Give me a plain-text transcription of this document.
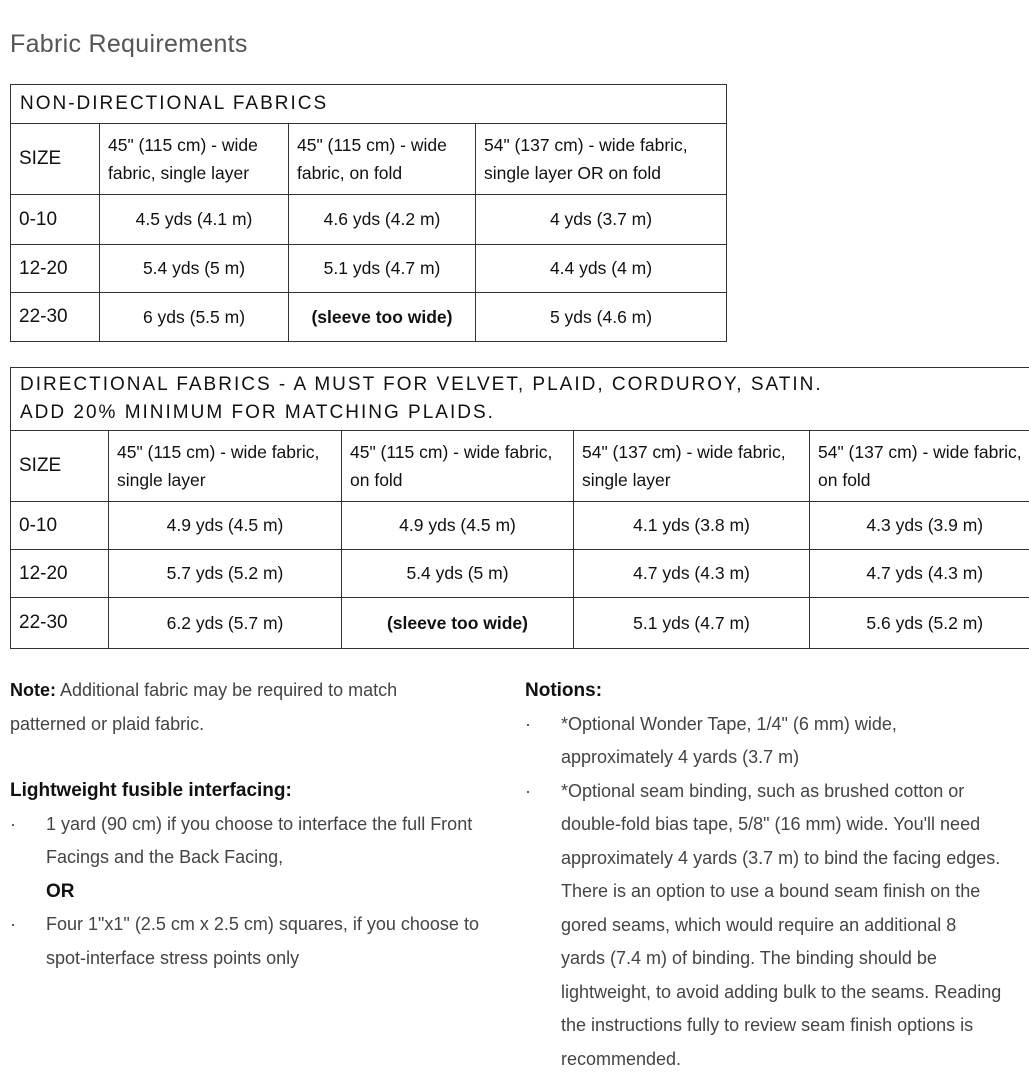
Fabric Requirements
NON-DIRECTIONAL FABRICS			
SIZE	45" (115 cm) - wide fabric, single layer	45" (115 cm) - wide fabric, on fold	54" (137 cm) - wide fabric, single layer OR on fold
0-10	4.5 yds (4.1 m)	4.6 yds (4.2 m)	4 yds (3.7 m)
12-20	5.4 yds (5 m)	5.1 yds (4.7 m)	4.4 yds (4 m)
22-30	6 yds (5.5 m)	(sleeve too wide)	5 yds (4.6 m)
DIRECTIONAL FABRICS - A MUST FOR VELVET, PLAID, CORDUROY, SATIN.
ADD 20% MINIMUM FOR MATCHING PLAIDS.				

SIZE	45" (115 cm) - wide fabric, single layer	45" (115 cm) - wide fabric, on fold	54" (137 cm) - wide fabric, single layer	54" (137 cm) - wide fabric, on fold
0-10	4.9 yds (4.5 m)	4.9 yds (4.5 m)	4.1 yds (3.8 m)	4.3 yds (3.9 m)
12-20	5.7 yds (5.2 m)	5.4 yds (5 m)	4.7 yds (4.3 m)	4.7 yds (4.3 m)
22-30	6.2 yds (5.7 m)	(sleeve too wide)	5.1 yds (4.7 m)	5.6 yds (5.2 m)
Note: Additional fabric may be required to match patterned or plaid fabric.
Lightweight fusible interfacing:
· 1 yard (90 cm) if you choose to interface the full Front Facings and the Back Facing,
OR
· Four 1"x1" (2.5 cm x 2.5 cm) squares, if you choose to spot-interface stress points only
Notions:
· *Optional Wonder Tape, 1/4" (6 mm) wide, approximately 4 yards (3.7 m)
· *Optional seam binding, such as brushed cotton or double-fold bias tape, 5/8" (16 mm) wide. You'll need approximately 4 yards (3.7 m) to bind the facing edges. There is an option to use a bound seam finish on the gored seams, which would require an additional 8 yards (7.4 m) of binding. The binding should be lightweight, to avoid adding bulk to the seams. Reading the instructions fully to review seam finish options is recommended.
